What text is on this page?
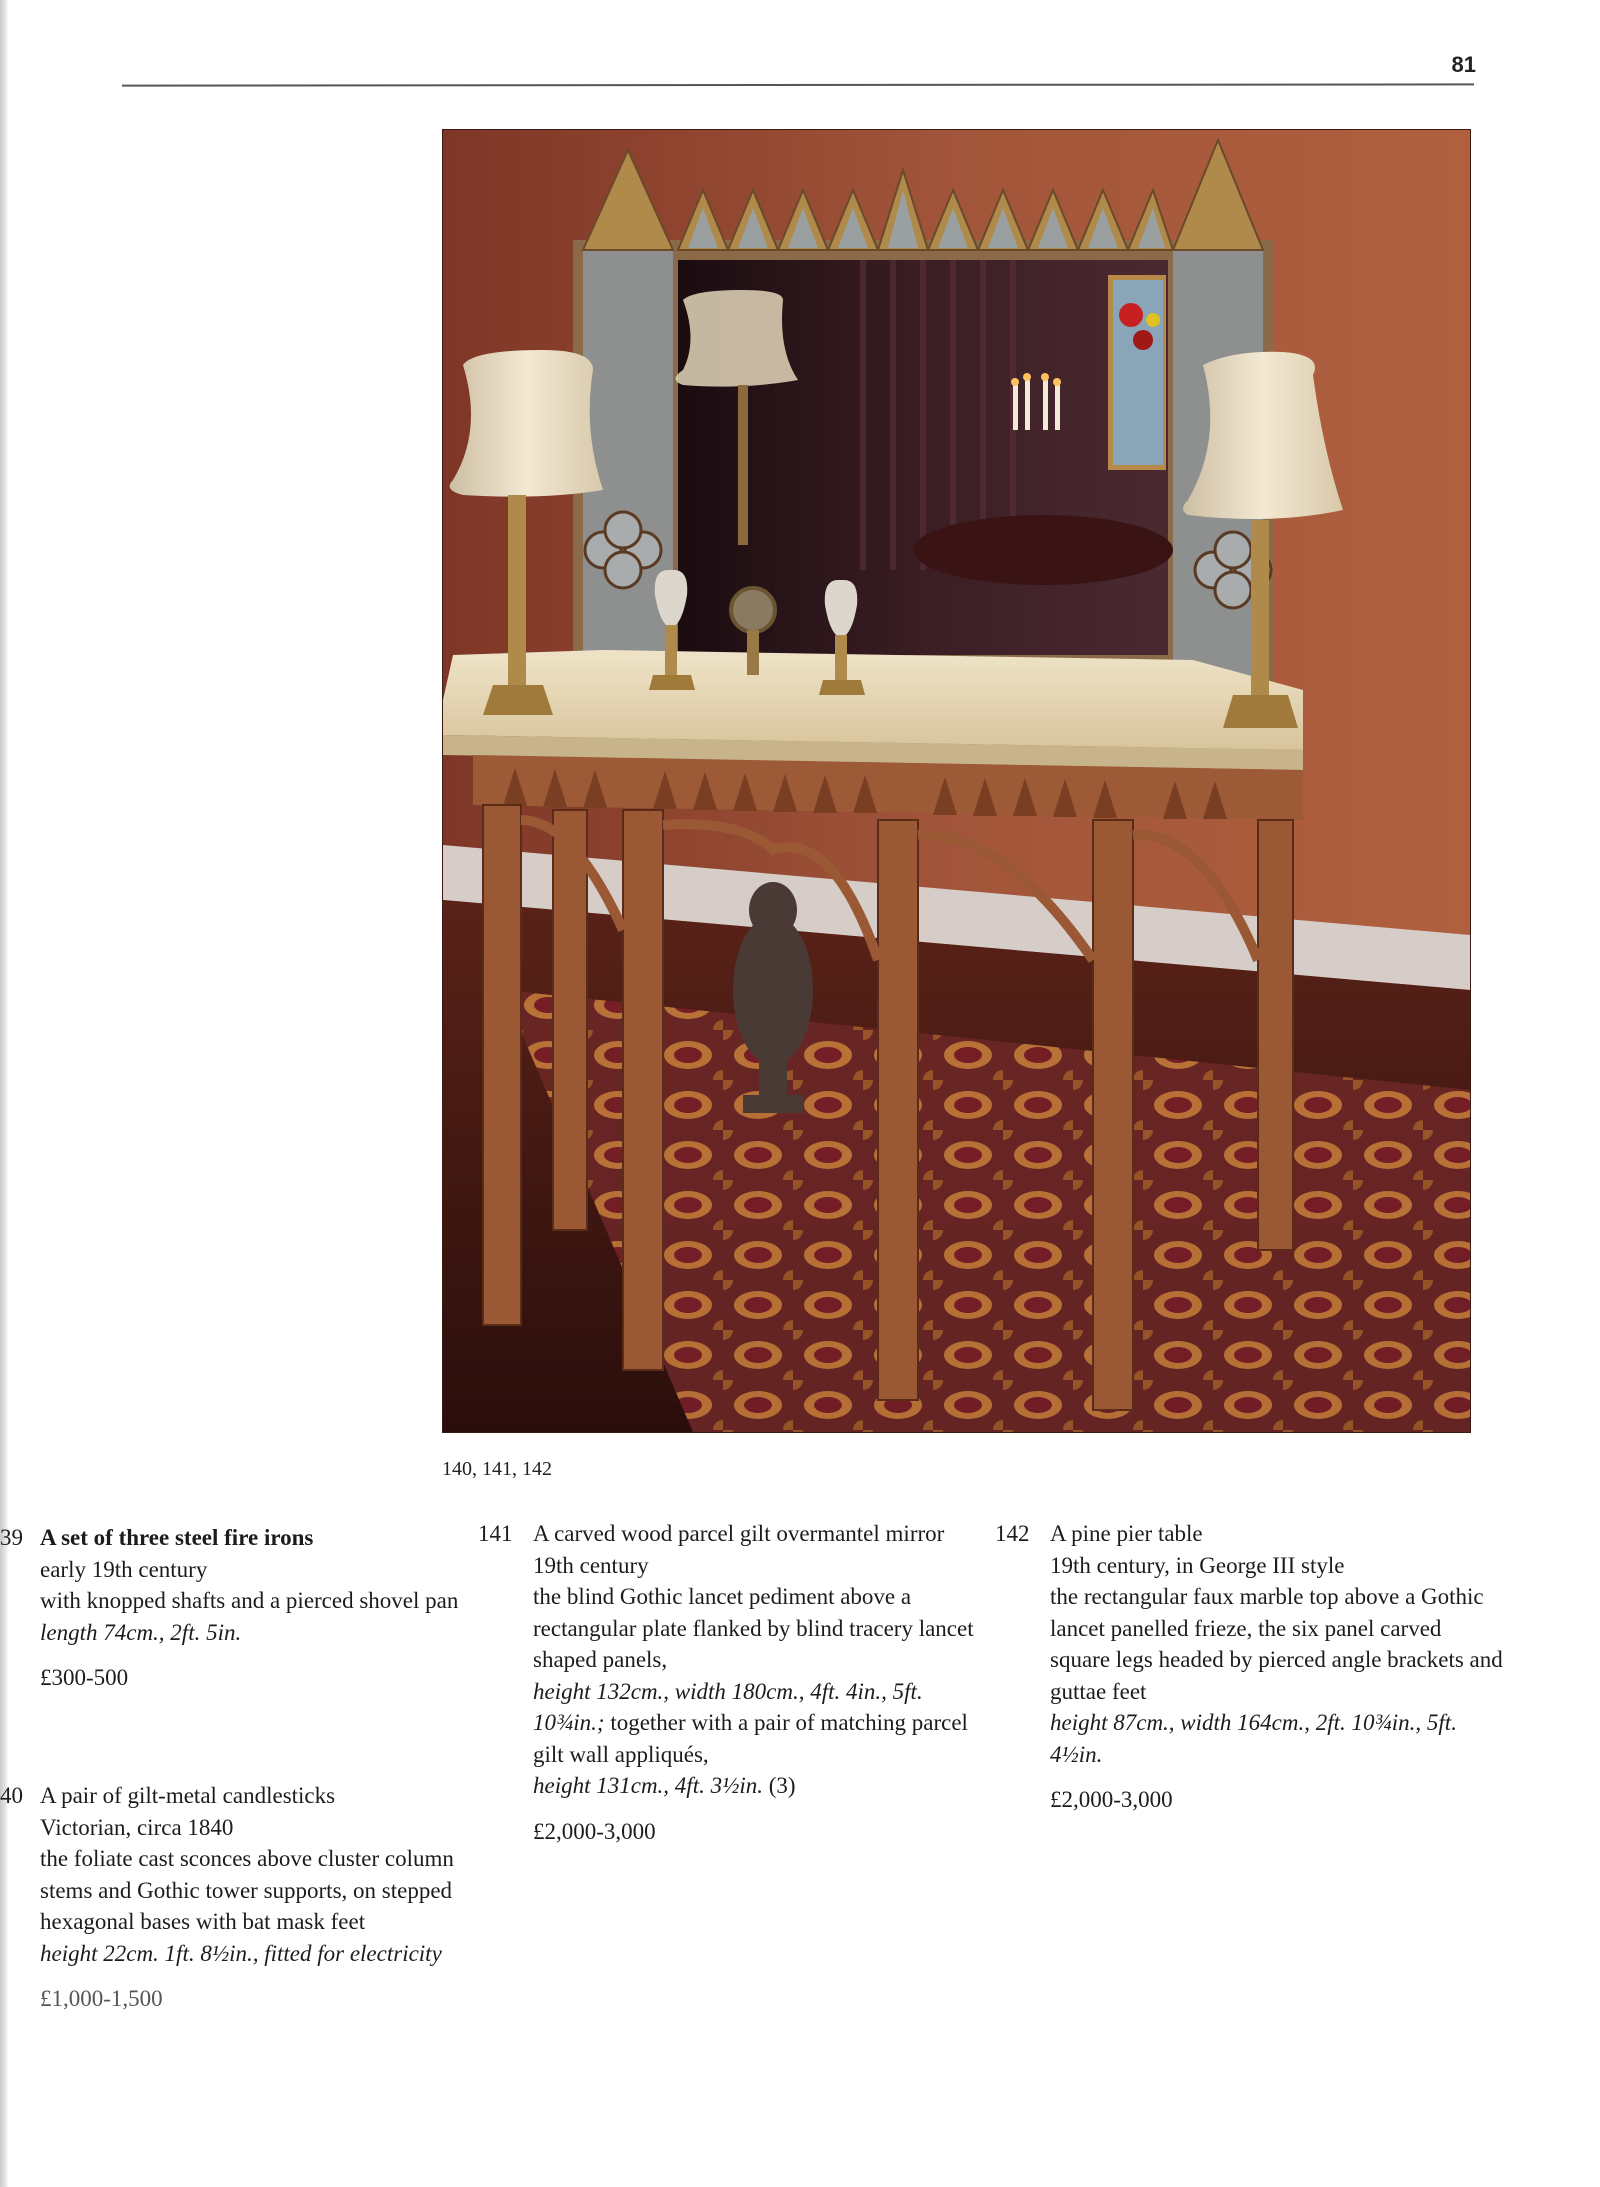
81
140, 141, 142
39 A set of three steel fire irons
early 19th century
with knopped shafts and a pierced shovel pan
length 74cm., 2ft. 5in.
£300-500
40 A pair of gilt-metal candlesticks
Victorian, circa 1840
the foliate cast sconces above cluster column stems and Gothic tower supports, on stepped hexagonal bases with bat mask feet
height 22cm. 1ft. 8½in., fitted for electricity
£1,000-1,500
141 A carved wood parcel gilt overmantel mirror
19th century
the blind Gothic lancet pediment above a rectangular plate flanked by blind tracery lancet shaped panels,
height 132cm., width 180cm., 4ft. 4in., 5ft. 10¾in.; together with a pair of matching parcel gilt wall appliqués,
height 131cm., 4ft. 3½in. (3)
£2,000-3,000
142 A pine pier table
19th century, in George III style
the rectangular faux marble top above a Gothic lancet panelled frieze, the six panel carved square legs headed by pierced angle brackets and guttae feet
height 87cm., width 164cm., 2ft. 10¾in., 5ft. 4½in.
£2,000-3,000
